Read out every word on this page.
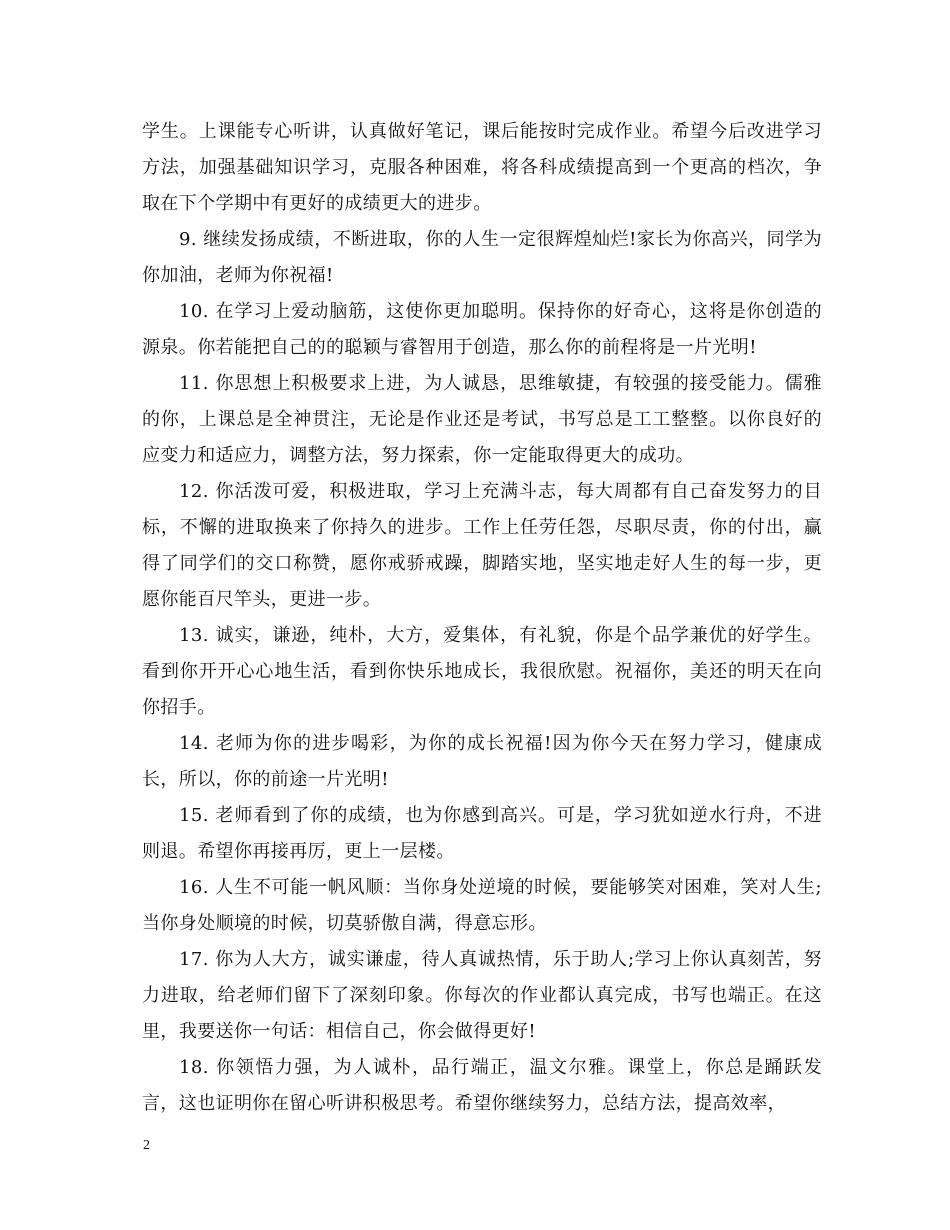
学生。上课能专心听讲，认真做好笔记，课后能按时完成作业。希望今后改进学习方法，加强基础知识学习，克服各种困难，将各科成绩提高到一个更高的档次，争取在下个学期中有更好的成绩更大的进步。

9. 继续发扬成绩，不断进取，你的人生一定很辉煌灿烂!家长为你高兴，同学为你加油，老师为你祝福!

10. 在学习上爱动脑筋，这使你更加聪明。保持你的好奇心，这将是你创造的源泉。你若能把自己的的聪颖与睿智用于创造，那么你的前程将是一片光明!

11. 你思想上积极要求上进，为人诚恳，思维敏捷，有较强的接受能力。儒雅的你，上课总是全神贯注，无论是作业还是考试，书写总是工工整整。以你良好的应变力和适应力，调整方法，努力探索，你一定能取得更大的成功。

12. 你活泼可爱，积极进取，学习上充满斗志，每大周都有自己奋发努力的目标，不懈的进取换来了你持久的进步。工作上任劳任怨，尽职尽责，你的付出，赢得了同学们的交口称赞，愿你戒骄戒躁，脚踏实地，坚实地走好人生的每一步，更愿你能百尺竿头，更进一步。

13. 诚实，谦逊，纯朴，大方，爱集体，有礼貌，你是个品学兼优的好学生。看到你开开心心地生活，看到你快乐地成长，我很欣慰。祝福你，美还的明天在向你招手。

14. 老师为你的进步喝彩，为你的成长祝福!因为你今天在努力学习，健康成长，所以，你的前途一片光明!

15. 老师看到了你的成绩，也为你感到高兴。可是，学习犹如逆水行舟，不进则退。希望你再接再厉，更上一层楼。

16. 人生不可能一帆风顺：当你身处逆境的时候，要能够笑对困难，笑对人生;当你身处顺境的时候，切莫骄傲自满，得意忘形。

17. 你为人大方，诚实谦虚，待人真诚热情，乐于助人;学习上你认真刻苦，努力进取，给老师们留下了深刻印象。你每次的作业都认真完成，书写也端正。在这里，我要送你一句话：相信自己，你会做得更好!

18. 你领悟力强，为人诚朴，品行端正，温文尔雅。课堂上，你总是踊跃发言，这也证明你在留心听讲积极思考。希望你继续努力，总结方法，提高效率，

2
